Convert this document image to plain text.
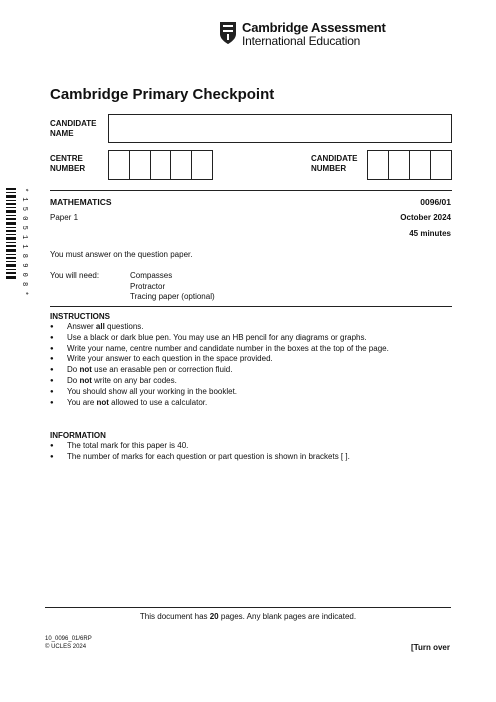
Cambridge Assessment
International Education
Cambridge Primary Checkpoint
CANDIDATE
NAME
CENTRE
NUMBER
CANDIDATE
NUMBER
* 1 5 0 5 1 1 8 9 0 8 *	MATHEMATICS	0096/01
Paper 1	October 2024
45 minutes
You must answer on the question paper.
You will need:	Compasses
Protractor
Tracing paper (optional)
INSTRUCTIONS
● Answer all questions.
● Use a black or dark blue pen. You may use an HB pencil for any diagrams or graphs.
● Write your name, centre number and candidate number in the boxes at the top of the page.
● Write your answer to each question in the space provided.
● Do not use an erasable pen or correction fluid.
● Do not write on any bar codes.
● You should show all your working in the booklet.
● You are not allowed to use a calculator.
INFORMATION
● The total mark for this paper is 40.
● The number of marks for each question or part question is shown in brackets [ ].
This document has 20 pages. Any blank pages are indicated.
10_0096_01/6RP
© UCLES 2024	[Turn over
